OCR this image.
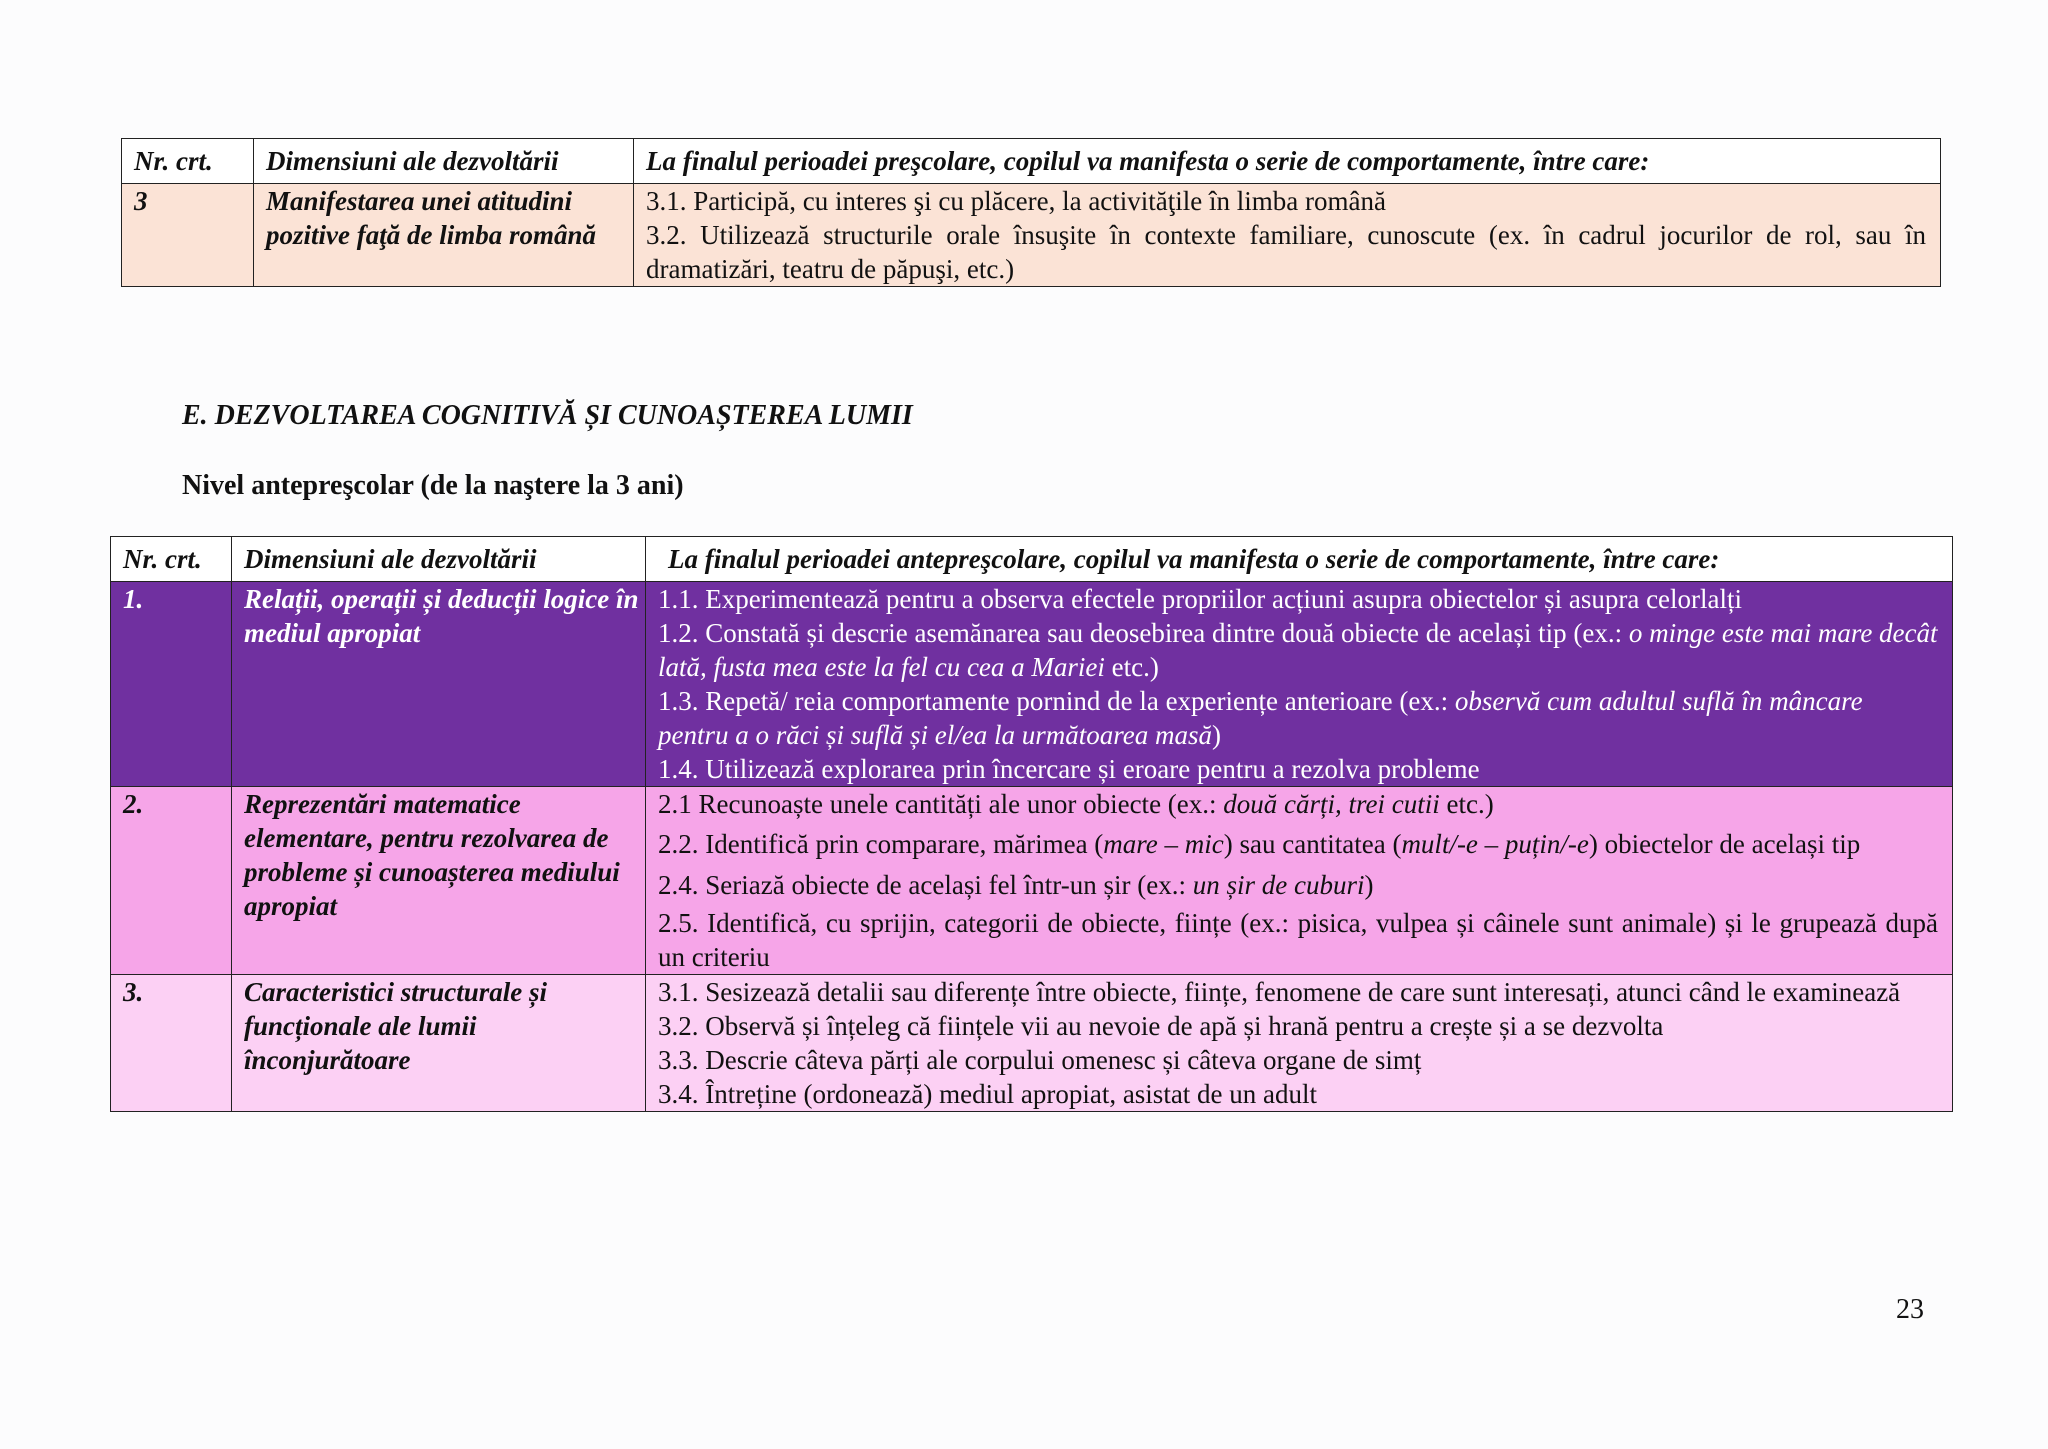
Nr. crt.	Dimensiuni ale dezvoltării	La finalul perioadei preşcolare, copilul va manifesta o serie de comportamente, între care:
3	Manifestarea unei atitudini pozitive faţă de limba română	3.1. Participă, cu interes şi cu plăcere, la activităţile în limba română

3.2. Utilizează structurile orale însuşite în contexte familiare, cunoscute (ex. în cadrul jocurilor de rol, sau în dramatizări, teatru de păpuşi, etc.)

E. DEZVOLTAREA COGNITIVĂ ȘI CUNOAȘTEREA LUMII
Nivel antepreşcolar (de la naştere la 3 ani)
Nr. crt.	Dimensiuni ale dezvoltării	La finalul perioadei antepreşcolare, copilul va manifesta o serie de comportamente, între care:
1.	Relații, operații și deducții logice în mediul apropiat	1.1. Experimentează pentru a observa efectele propriilor acțiuni asupra obiectelor și asupra celorlalți

1.2. Constată și descrie asemănarea sau deosebirea dintre două obiecte de același tip (ex.: o minge este mai mare decât lată, fusta mea este la fel cu cea a Mariei etc.)

1.3. Repetă/ reia comportamente pornind de la experiențe anterioare (ex.: observă cum adultul suflă în mâncare pentru a o răci și suflă și el/ea la următoarea masă)

1.4. Utilizează explorarea prin încercare și eroare pentru a rezolva probleme

2.	Reprezentări matematice elementare, pentru rezolvarea de probleme și cunoașterea mediului apropiat	2.1 Recunoaște unele cantități ale unor obiecte (ex.: două cărți, trei cutii etc.)

2.2. Identifică prin comparare, mărimea (mare – mic) sau cantitatea (mult/-e – puțin/-e) obiectelor de același tip

2.4. Seriază obiecte de același fel într-un șir (ex.: un șir de cuburi)

2.5. Identifică, cu sprijin, categorii de obiecte, ființe (ex.: pisica, vulpea și câinele sunt animale) și le grupează după un criteriu

3.	Caracteristici structurale și funcționale ale lumii înconjurătoare	3.1. Sesizează detalii sau diferențe între obiecte, ființe, fenomene de care sunt interesați, atunci când le examinează

3.2. Observă și înțeleg că ființele vii au nevoie de apă și hrană pentru a crește și a se dezvolta

3.3. Descrie câteva părți ale corpului omenesc și câteva organe de simț

3.4. Întreține (ordonează) mediul apropiat, asistat de un adult

23
